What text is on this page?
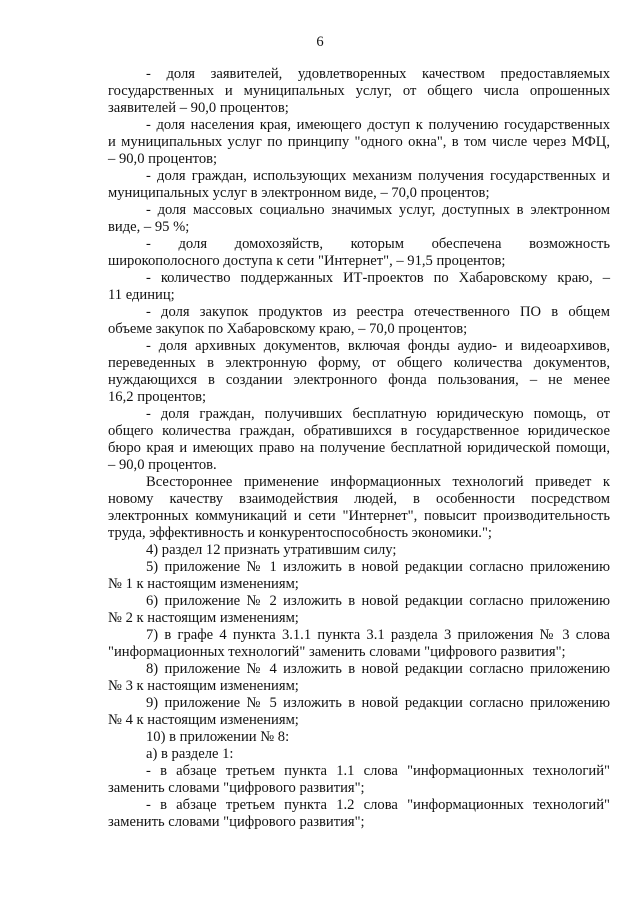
6
- доля заявителей, удовлетворенных качеством предоставляемых
государственных и муниципальных услуг, от общего числа опрошенных
заявителей – 90,0 процентов;
- доля населения края, имеющего доступ к получению государственных
и муниципальных услуг по принципу "одного окна", в том числе через МФЦ,
– 90,0 процентов;
- доля граждан, использующих механизм получения государственных и
муниципальных услуг в электронном виде, – 70,0 процентов;
- доля массовых социально значимых услуг, доступных в электронном
виде, – 95 %;
- доля домохозяйств, которым обеспечена возможность
широкополосного доступа к сети "Интернет", – 91,5 процентов;
- количество поддержанных ИТ-проектов по Хабаровскому краю, –
11 единиц;
- доля закупок продуктов из реестра отечественного ПО в общем
объеме закупок по Хабаровскому краю, – 70,0 процентов;
- доля архивных документов, включая фонды аудио- и видеоархивов,
переведенных в электронную форму, от общего количества документов,
нуждающихся в создании электронного фонда пользования, – не менее
16,2 процентов;
- доля граждан, получивших бесплатную юридическую помощь, от
общего количества граждан, обратившихся в государственное юридическое
бюро края и имеющих право на получение бесплатной юридической помощи,
– 90,0 процентов.
Всестороннее применение информационных технологий приведет к
новому качеству взаимодействия людей, в особенности посредством
электронных коммуникаций и сети "Интернет", повысит производительность
труда, эффективность и конкурентоспособность экономики.";
4) раздел 12 признать утратившим силу;
5) приложение № 1 изложить в новой редакции согласно приложению
№ 1 к настоящим изменениям;
6) приложение № 2 изложить в новой редакции согласно приложению
№ 2 к настоящим изменениям;
7) в графе 4 пункта 3.1.1 пункта 3.1 раздела 3 приложения № 3 слова
"информационных технологий" заменить словами "цифрового развития";
8) приложение № 4 изложить в новой редакции согласно приложению
№ 3 к настоящим изменениям;
9) приложение № 5 изложить в новой редакции согласно приложению
№ 4 к настоящим изменениям;
10) в приложении № 8:
а) в разделе 1:
- в абзаце третьем пункта 1.1 слова "информационных технологий"
заменить словами "цифрового развития";
- в абзаце третьем пункта 1.2 слова "информационных технологий"
заменить словами "цифрового развития";
